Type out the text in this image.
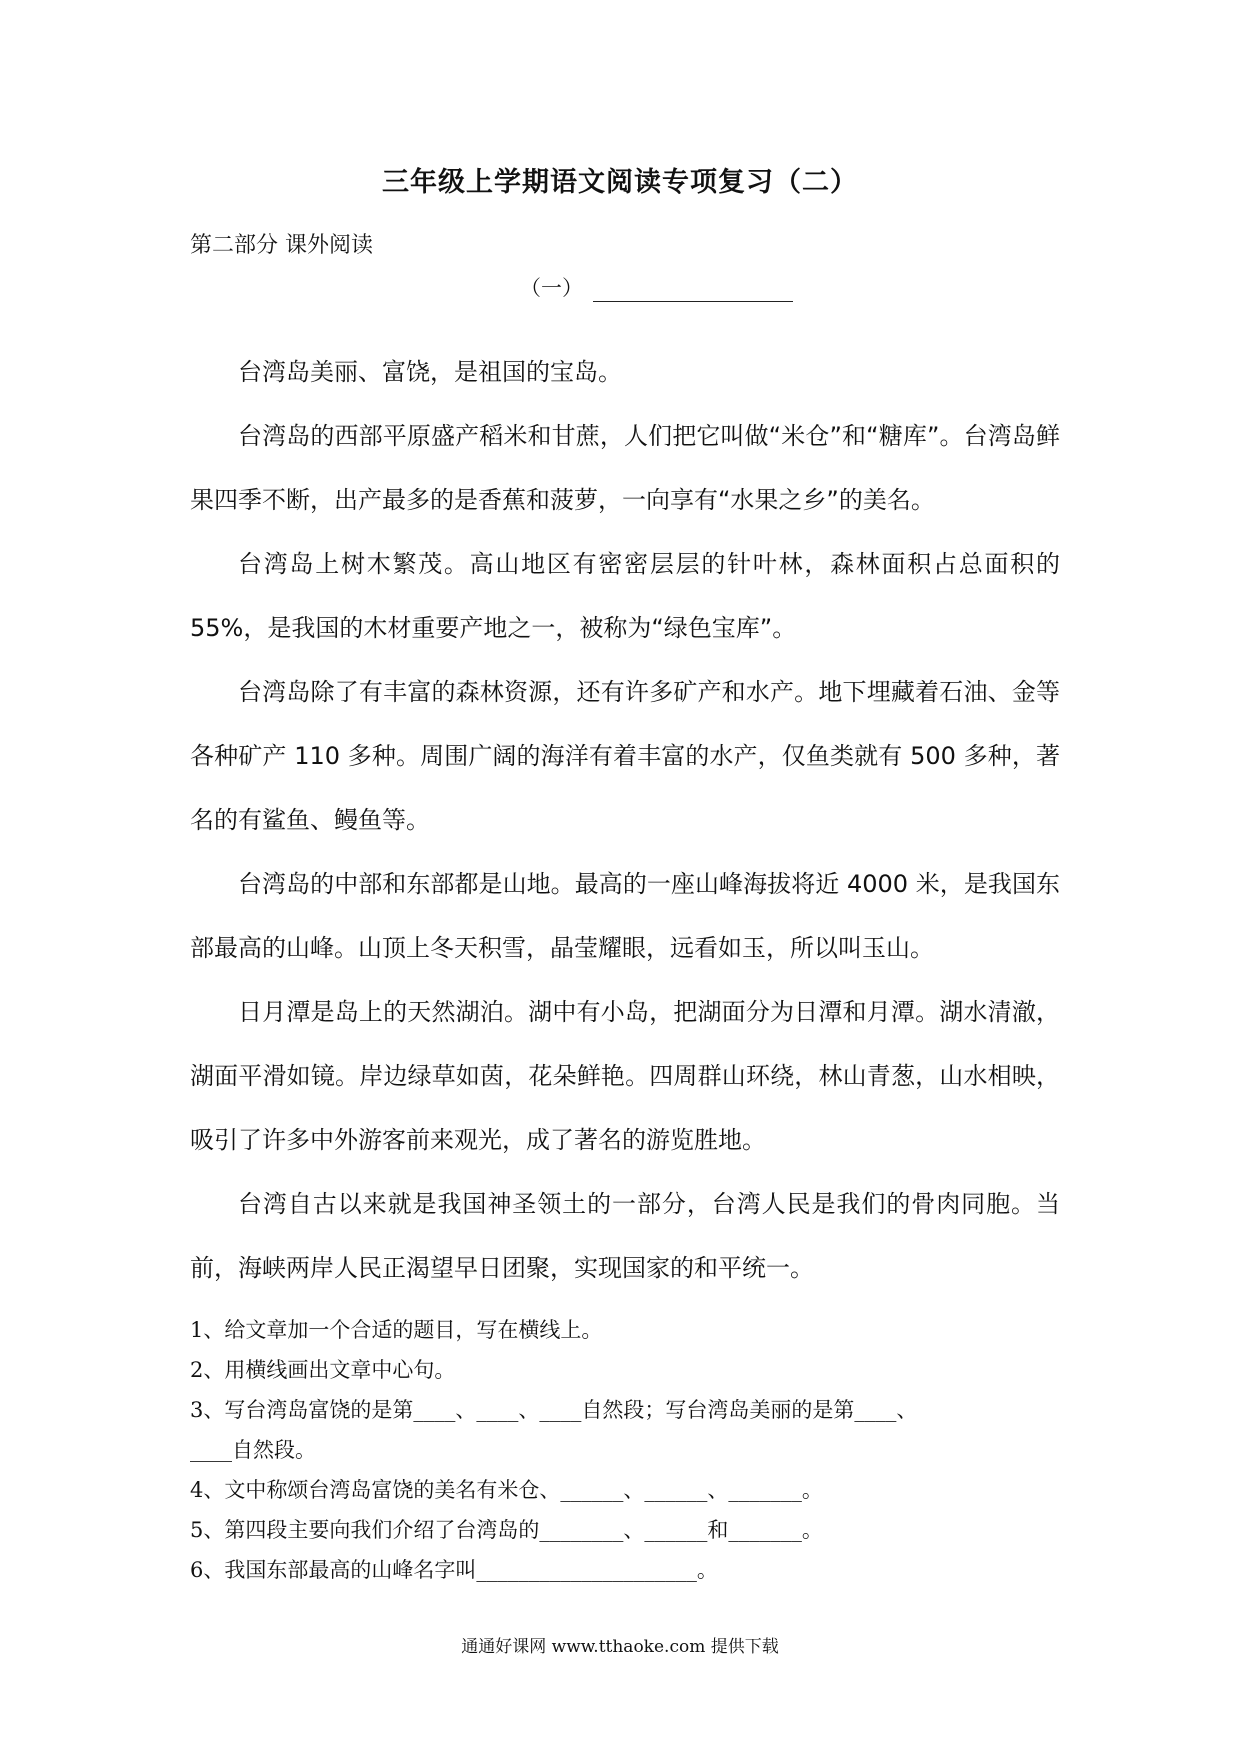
三年级上学期语文阅读专项复习（二）
第二部分 课外阅读
（一）

台湾岛美丽、富饶，是祖国的宝岛。

台湾岛的西部平原盛产稻米和甘蔗，人们把它叫做“米仓”和“糖库”。台湾岛鲜果四季不断，出产最多的是香蕉和菠萝，一向享有“水果之乡”的美名。

台湾岛上树木繁茂。高山地区有密密层层的针叶林，森林面积占总面积的55%，是我国的木材重要产地之一，被称为“绿色宝库”。

台湾岛除了有丰富的森林资源，还有许多矿产和水产。地下埋藏着石油、金等各种矿产 110 多种。周围广阔的海洋有着丰富的水产，仅鱼类就有 500 多种，著名的有鲨鱼、鳗鱼等。

台湾岛的中部和东部都是山地。最高的一座山峰海拔将近 4000 米，是我国东部最高的山峰。山顶上冬天积雪，晶莹耀眼，远看如玉，所以叫玉山。

日月潭是岛上的天然湖泊。湖中有小岛，把湖面分为日潭和月潭。湖水清澈，湖面平滑如镜。岸边绿草如茵，花朵鲜艳。四周群山环绕，林山青葱，山水相映，吸引了许多中外游客前来观光，成了著名的游览胜地。

台湾自古以来就是我国神圣领土的一部分，台湾人民是我们的骨肉同胞。当前，海峡两岸人民正渴望早日团聚，实现国家的和平统一。

1、给文章加一个合适的题目，写在横线上。
2、用横线画出文章中心句。
3、写台湾岛富饶的是第____、____、____自然段；写台湾岛美丽的是第____、
____自然段。
4、文中称颂台湾岛富饶的美名有米仓、______、______、_______。
5、第四段主要向我们介绍了台湾岛的________、______和_______。
6、我国东部最高的山峰名字叫_____________________。
通通好课网 www.tthaoke.com 提供下载
